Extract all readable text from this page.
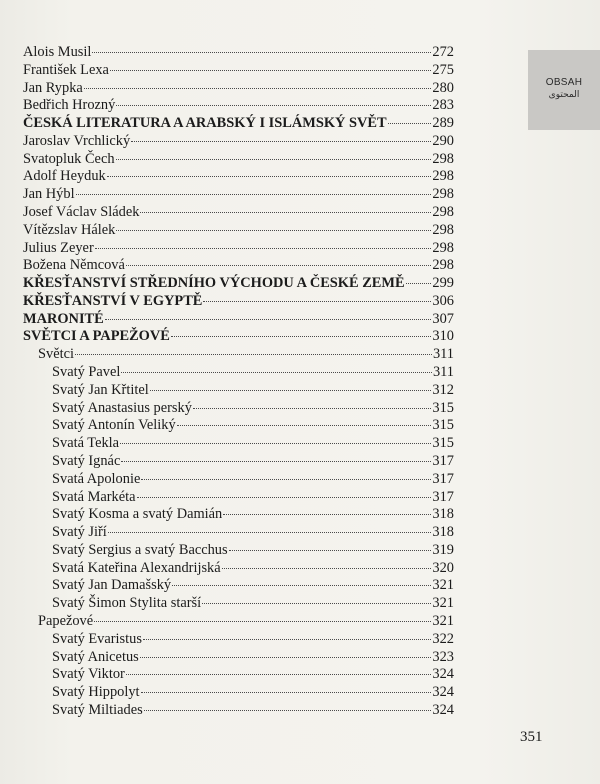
OBSAH
المحتوى
Alois Musil	272
František Lexa	275
Jan Rypka	280
Bedřich Hrozný	283
ČESKÁ LITERATURA A ARABSKÝ I ISLÁMSKÝ SVĚT	289
Jaroslav Vrchlický	290
Svatopluk Čech	298
Adolf Heyduk	298
Jan Hýbl	298
Josef Václav Sládek	298
Vítězslav Hálek	298
Julius Zeyer	298
Božena Němcová	298
KŘESŤANSTVÍ STŘEDNÍHO VÝCHODU A ČESKÉ ZEMĚ 299
KŘESŤANSTVÍ V EGYPTĚ	306
MARONITÉ	307
SVĚTCI A PAPEŽOVÉ	310
Světci	311
Svatý Pavel	311
Svatý Jan Křtitel	312
Svatý Anastasius perský	315
Svatý Antonín Veliký	315
Svatá Tekla	315
Svatý Ignác	317
Svatá Apolonie	317
Svatá Markéta	317
Svatý Kosma a svatý Damián	318
Svatý Jiří	318
Svatý Sergius a svatý Bacchus	319
Svatá Kateřina Alexandrijská	320
Svatý Jan Damašský	321
Svatý Šimon Stylita starší	321
Papežové	321
Svatý Evaristus	322
Svatý Anicetus	323
Svatý Viktor	324
Svatý Hippolyt	324
Svatý Miltiades	324
351
